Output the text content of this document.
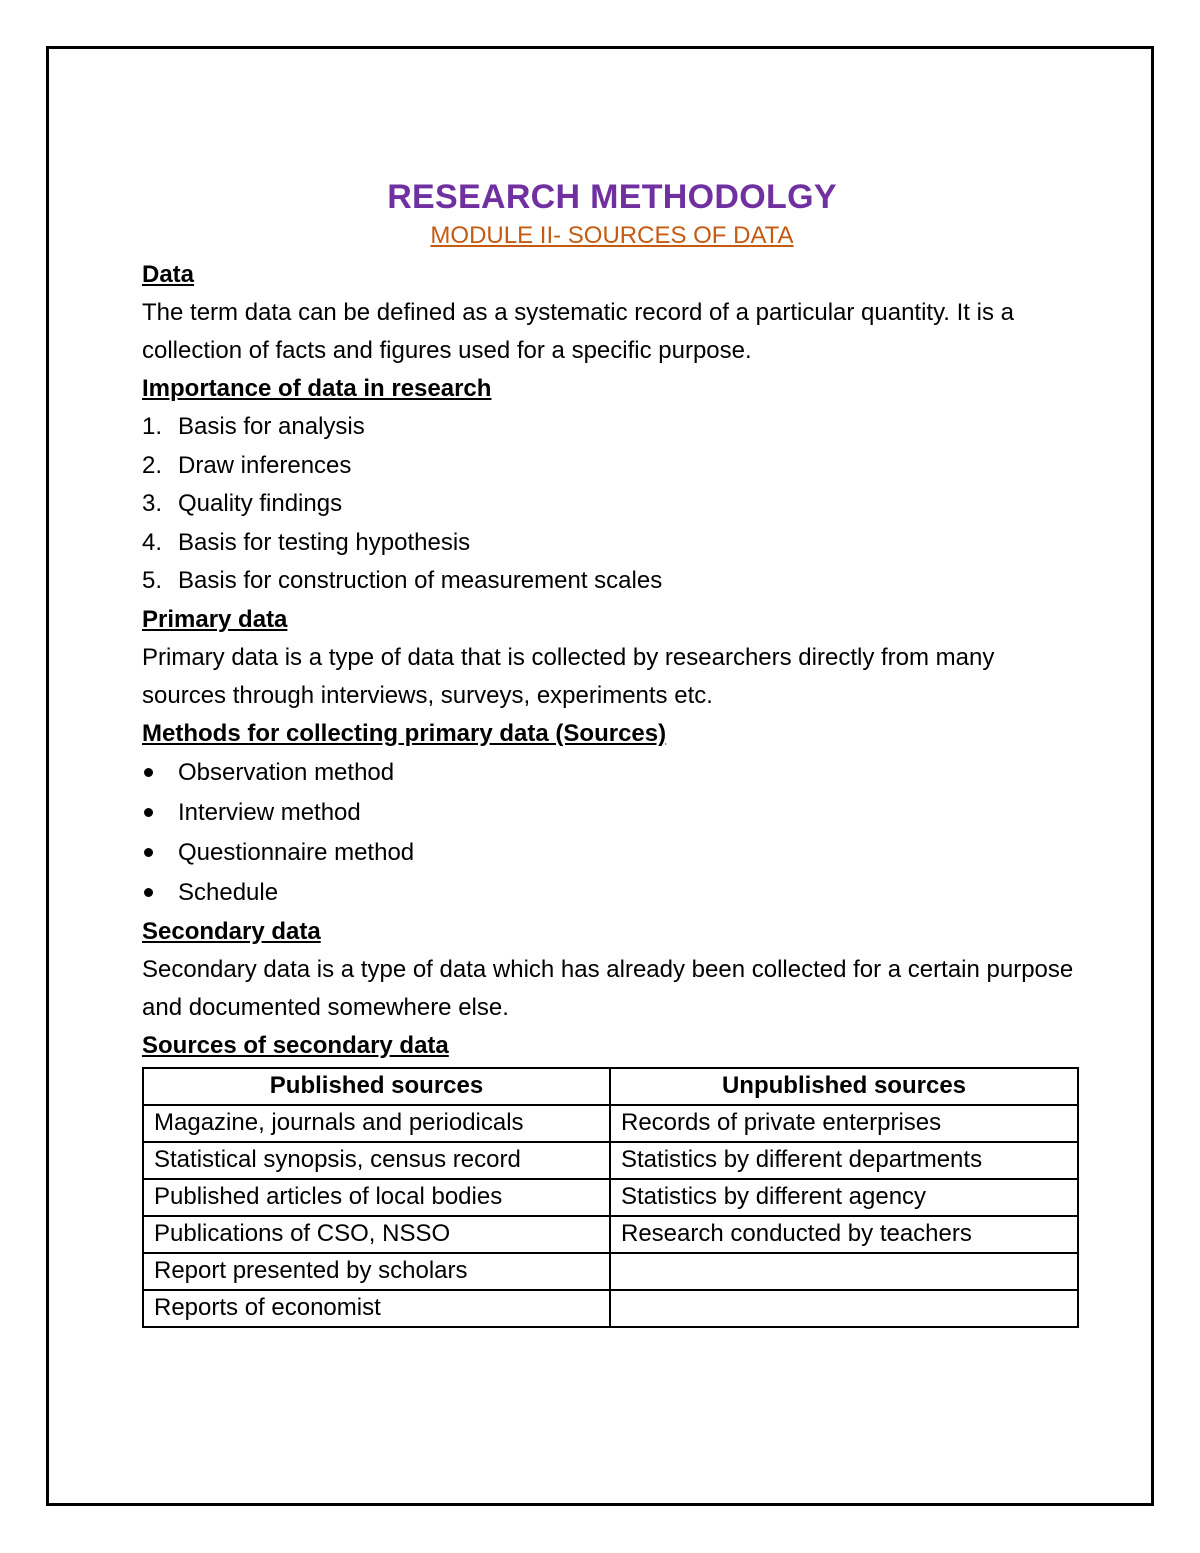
RESEARCH METHODOLGY

MODULE II- SOURCES OF DATA

Data

The term data can be defined as a systematic record of a particular quantity. It is a collection of facts and figures used for a specific purpose.

Importance of data in research

1. Basis for analysis
2. Draw inferences
3. Quality findings
4. Basis for testing hypothesis
5. Basis for construction of measurement scales

Primary data

Primary data is a type of data that is collected by researchers directly from many sources through interviews, surveys, experiments etc.

Methods for collecting primary data (Sources)

Observation method
Interview method
Questionnaire method
Schedule

Secondary data

Secondary data is a type of data which has already been collected for a certain purpose and documented somewhere else.

Sources of secondary data

Published sources	Unpublished sources
Magazine, journals and periodicals	Records of private enterprises
Statistical synopsis, census record	Statistics by different departments
Published articles of local bodies	Statistics by different agency
Publications of CSO, NSSO	Research conducted by teachers
Report presented by scholars	
Reports of economist	
